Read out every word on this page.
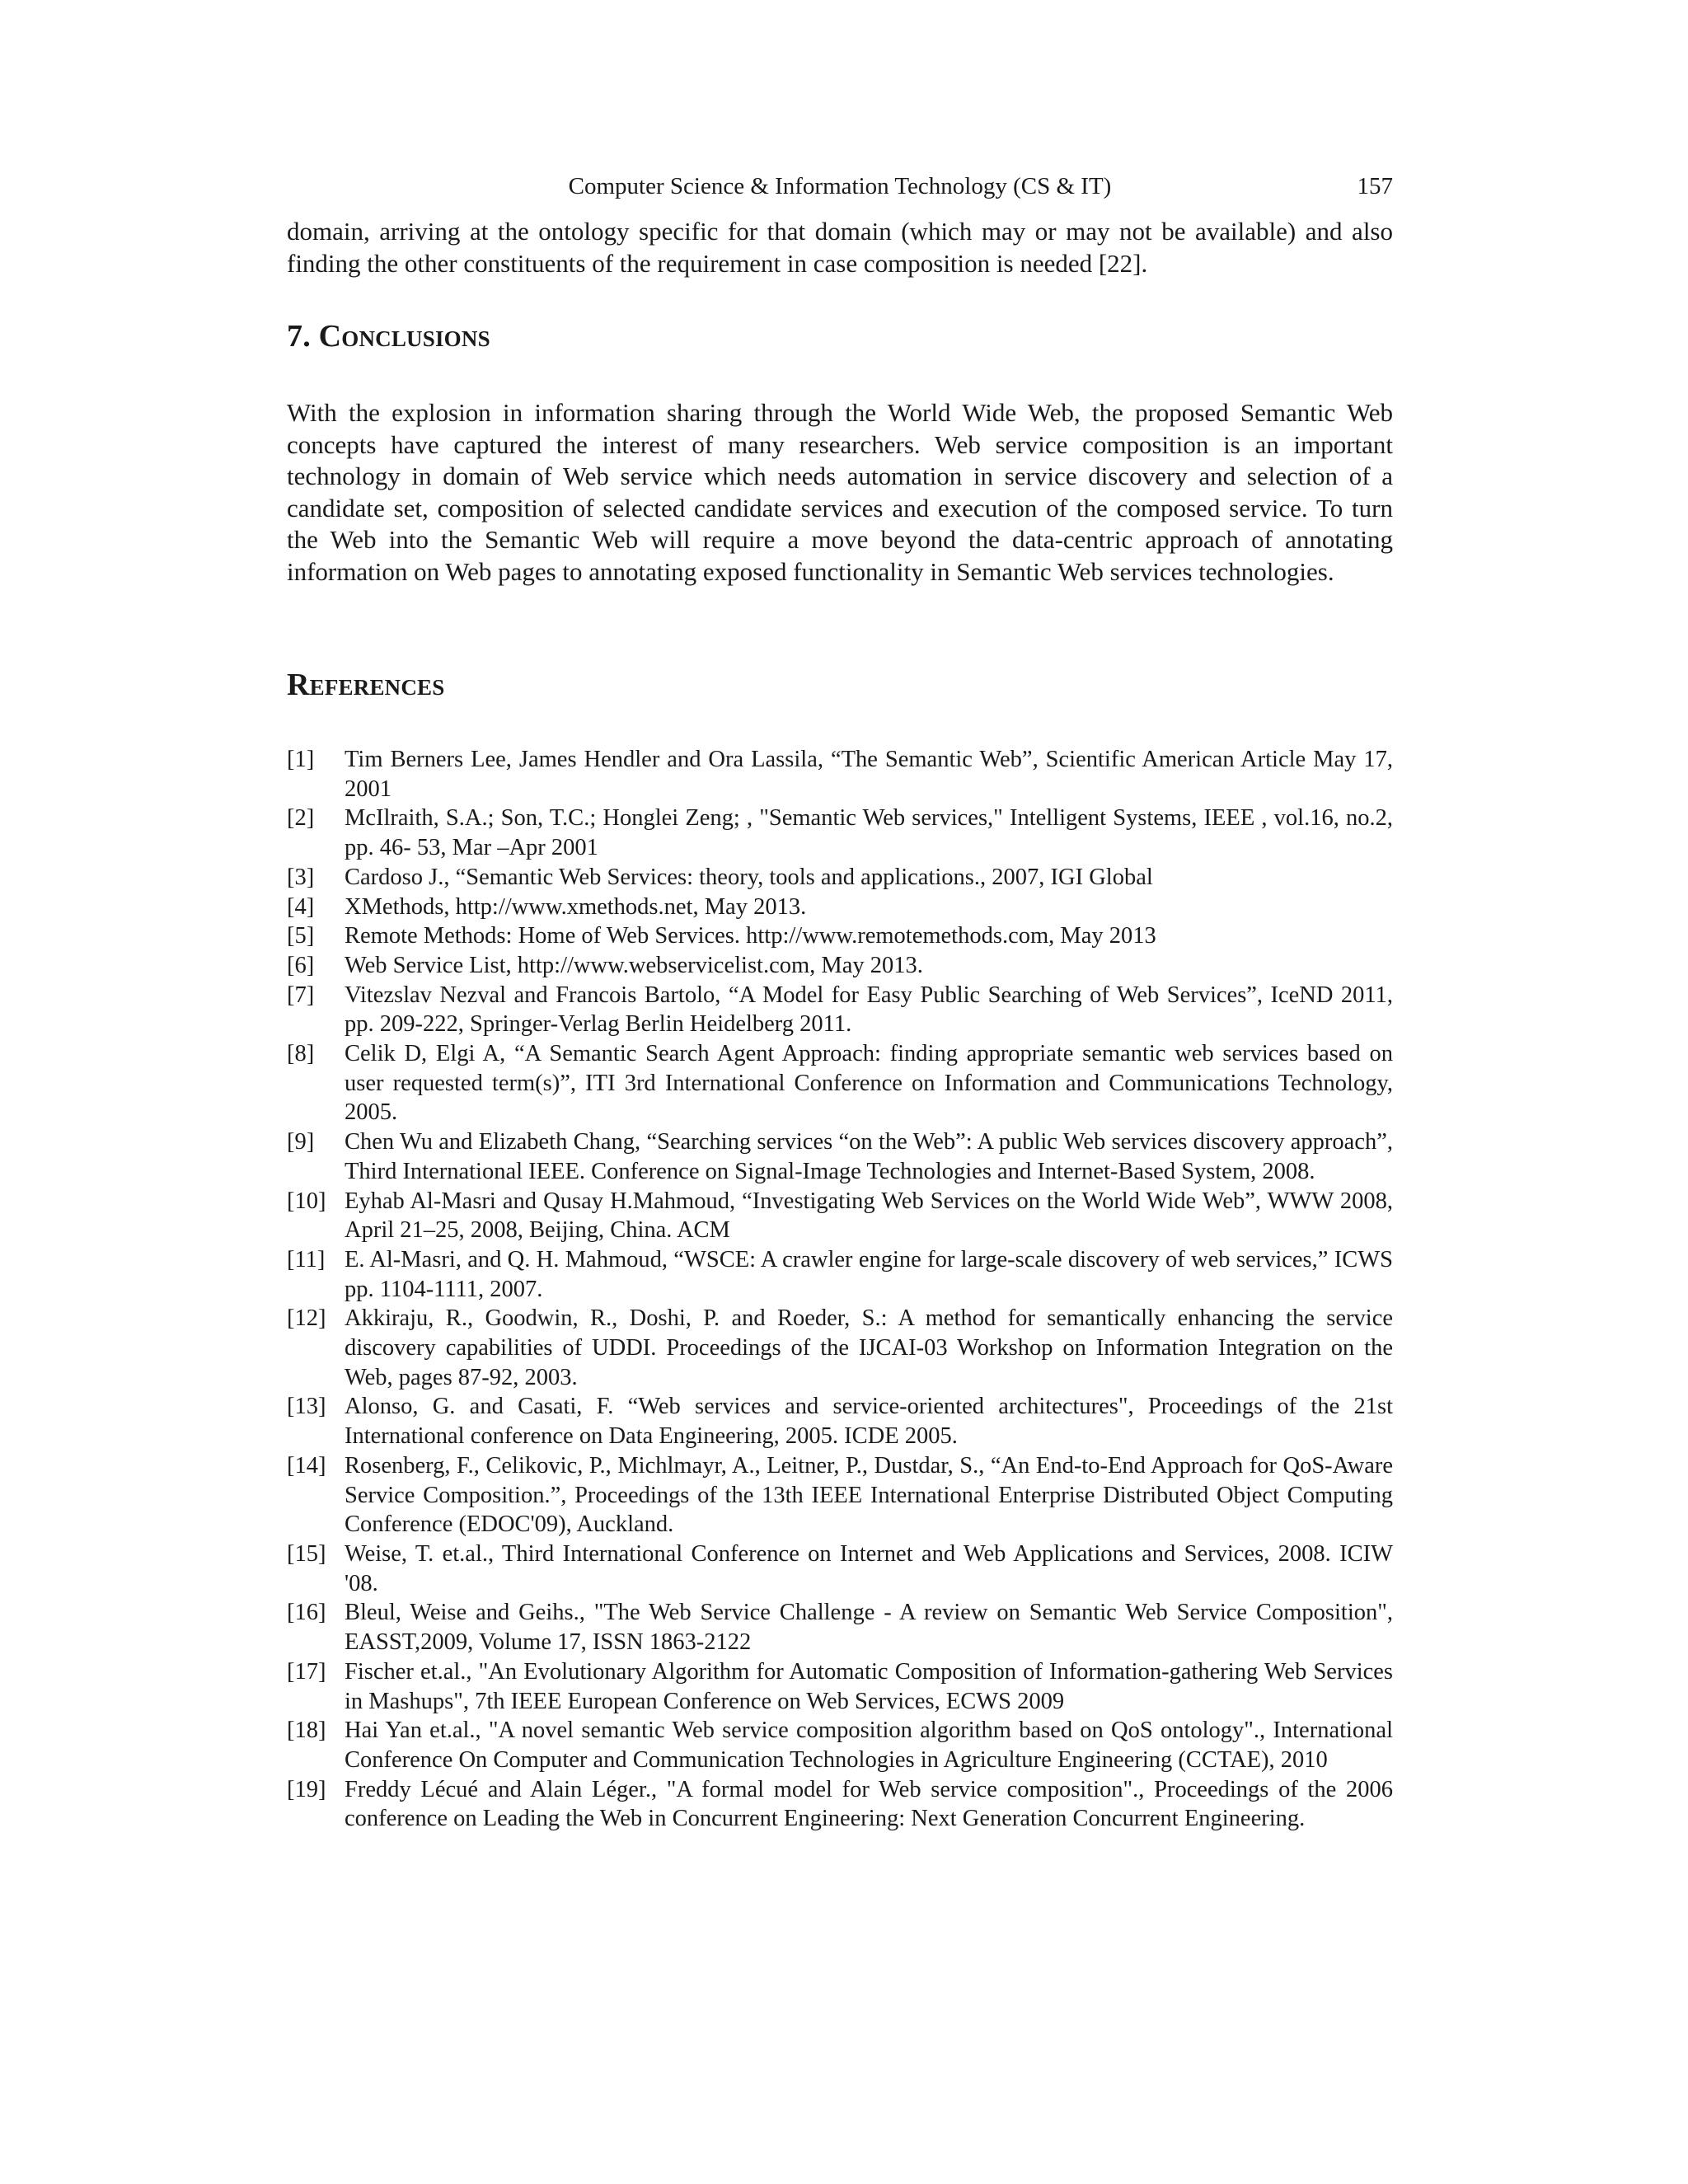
Computer Science & Information Technology (CS & IT)	157

domain, arriving at the ontology specific for that domain (which may or may not be available) and also finding the other constituents of the requirement in case composition is needed [22].

7. Conclusions

With the explosion in information sharing through the World Wide Web, the proposed Semantic Web concepts have captured the interest of many researchers. Web service composition is an important technology in domain of Web service which needs automation in service discovery and selection of a candidate set, composition of selected candidate services and execution of the composed service. To turn the Web into the Semantic Web will require a move beyond the data-centric approach of annotating information on Web pages to annotating exposed functionality in Semantic Web services technologies.

References
[1] Tim Berners Lee, James Hendler and Ora Lassila, “The Semantic Web”, Scientific American Article May 17, 2001
[2] McIlraith, S.A.; Son, T.C.; Honglei Zeng; , "Semantic Web services," Intelligent Systems, IEEE , vol.16, no.2, pp. 46- 53, Mar –Apr 2001
[3] Cardoso J., “Semantic Web Services: theory, tools and applications., 2007, IGI Global
[4] XMethods, http://www.xmethods.net, May 2013.
[5] Remote Methods: Home of Web Services. http://www.remotemethods.com, May 2013
[6] Web Service List, http://www.webservicelist.com, May 2013.
[7] Vitezslav Nezval and Francois Bartolo, “A Model for Easy Public Searching of Web Services”, IceND 2011, pp. 209-222, Springer-Verlag Berlin Heidelberg 2011.
[8] Celik D, Elgi A, “A Semantic Search Agent Approach: finding appropriate semantic web services based on user requested term(s)”, ITI 3rd International Conference on Information and Communications Technology, 2005.
[9] Chen Wu and Elizabeth Chang, “Searching services “on the Web”: A public Web services discovery approach”, Third International IEEE. Conference on Signal-Image Technologies and Internet-Based System, 2008.
[10] Eyhab Al-Masri and Qusay H.Mahmoud, “Investigating Web Services on the World Wide Web”, WWW 2008, April 21–25, 2008, Beijing, China. ACM
[11] E. Al-Masri, and Q. H. Mahmoud, “WSCE: A crawler engine for large-scale discovery of web services,” ICWS pp. 1104-1111, 2007.
[12] Akkiraju, R., Goodwin, R., Doshi, P. and Roeder, S.: A method for semantically enhancing the service discovery capabilities of UDDI. Proceedings of the IJCAI-03 Workshop on Information Integration on the Web, pages 87-92, 2003.
[13] Alonso, G. and Casati, F. “Web services and service-oriented architectures", Proceedings of the 21st International conference on Data Engineering, 2005. ICDE 2005.
[14] Rosenberg, F., Celikovic, P., Michlmayr, A., Leitner, P., Dustdar, S., “An End-to-End Approach for QoS-Aware Service Composition.”, Proceedings of the 13th IEEE International Enterprise Distributed Object Computing Conference (EDOC'09), Auckland.
[15] Weise, T. et.al., Third International Conference on Internet and Web Applications and Services, 2008. ICIW '08.
[16] Bleul, Weise and Geihs., "The Web Service Challenge - A review on Semantic Web Service Composition", EASST,2009, Volume 17, ISSN 1863-2122
[17] Fischer et.al., "An Evolutionary Algorithm for Automatic Composition of Information-gathering Web Services in Mashups", 7th IEEE European Conference on Web Services, ECWS 2009
[18] Hai Yan et.al., "A novel semantic Web service composition algorithm based on QoS ontology"., International Conference On Computer and Communication Technologies in Agriculture Engineering (CCTAE), 2010
[19] Freddy Lécué and Alain Léger., "A formal model for Web service composition"., Proceedings of the 2006 conference on Leading the Web in Concurrent Engineering: Next Generation Concurrent Engineering.
